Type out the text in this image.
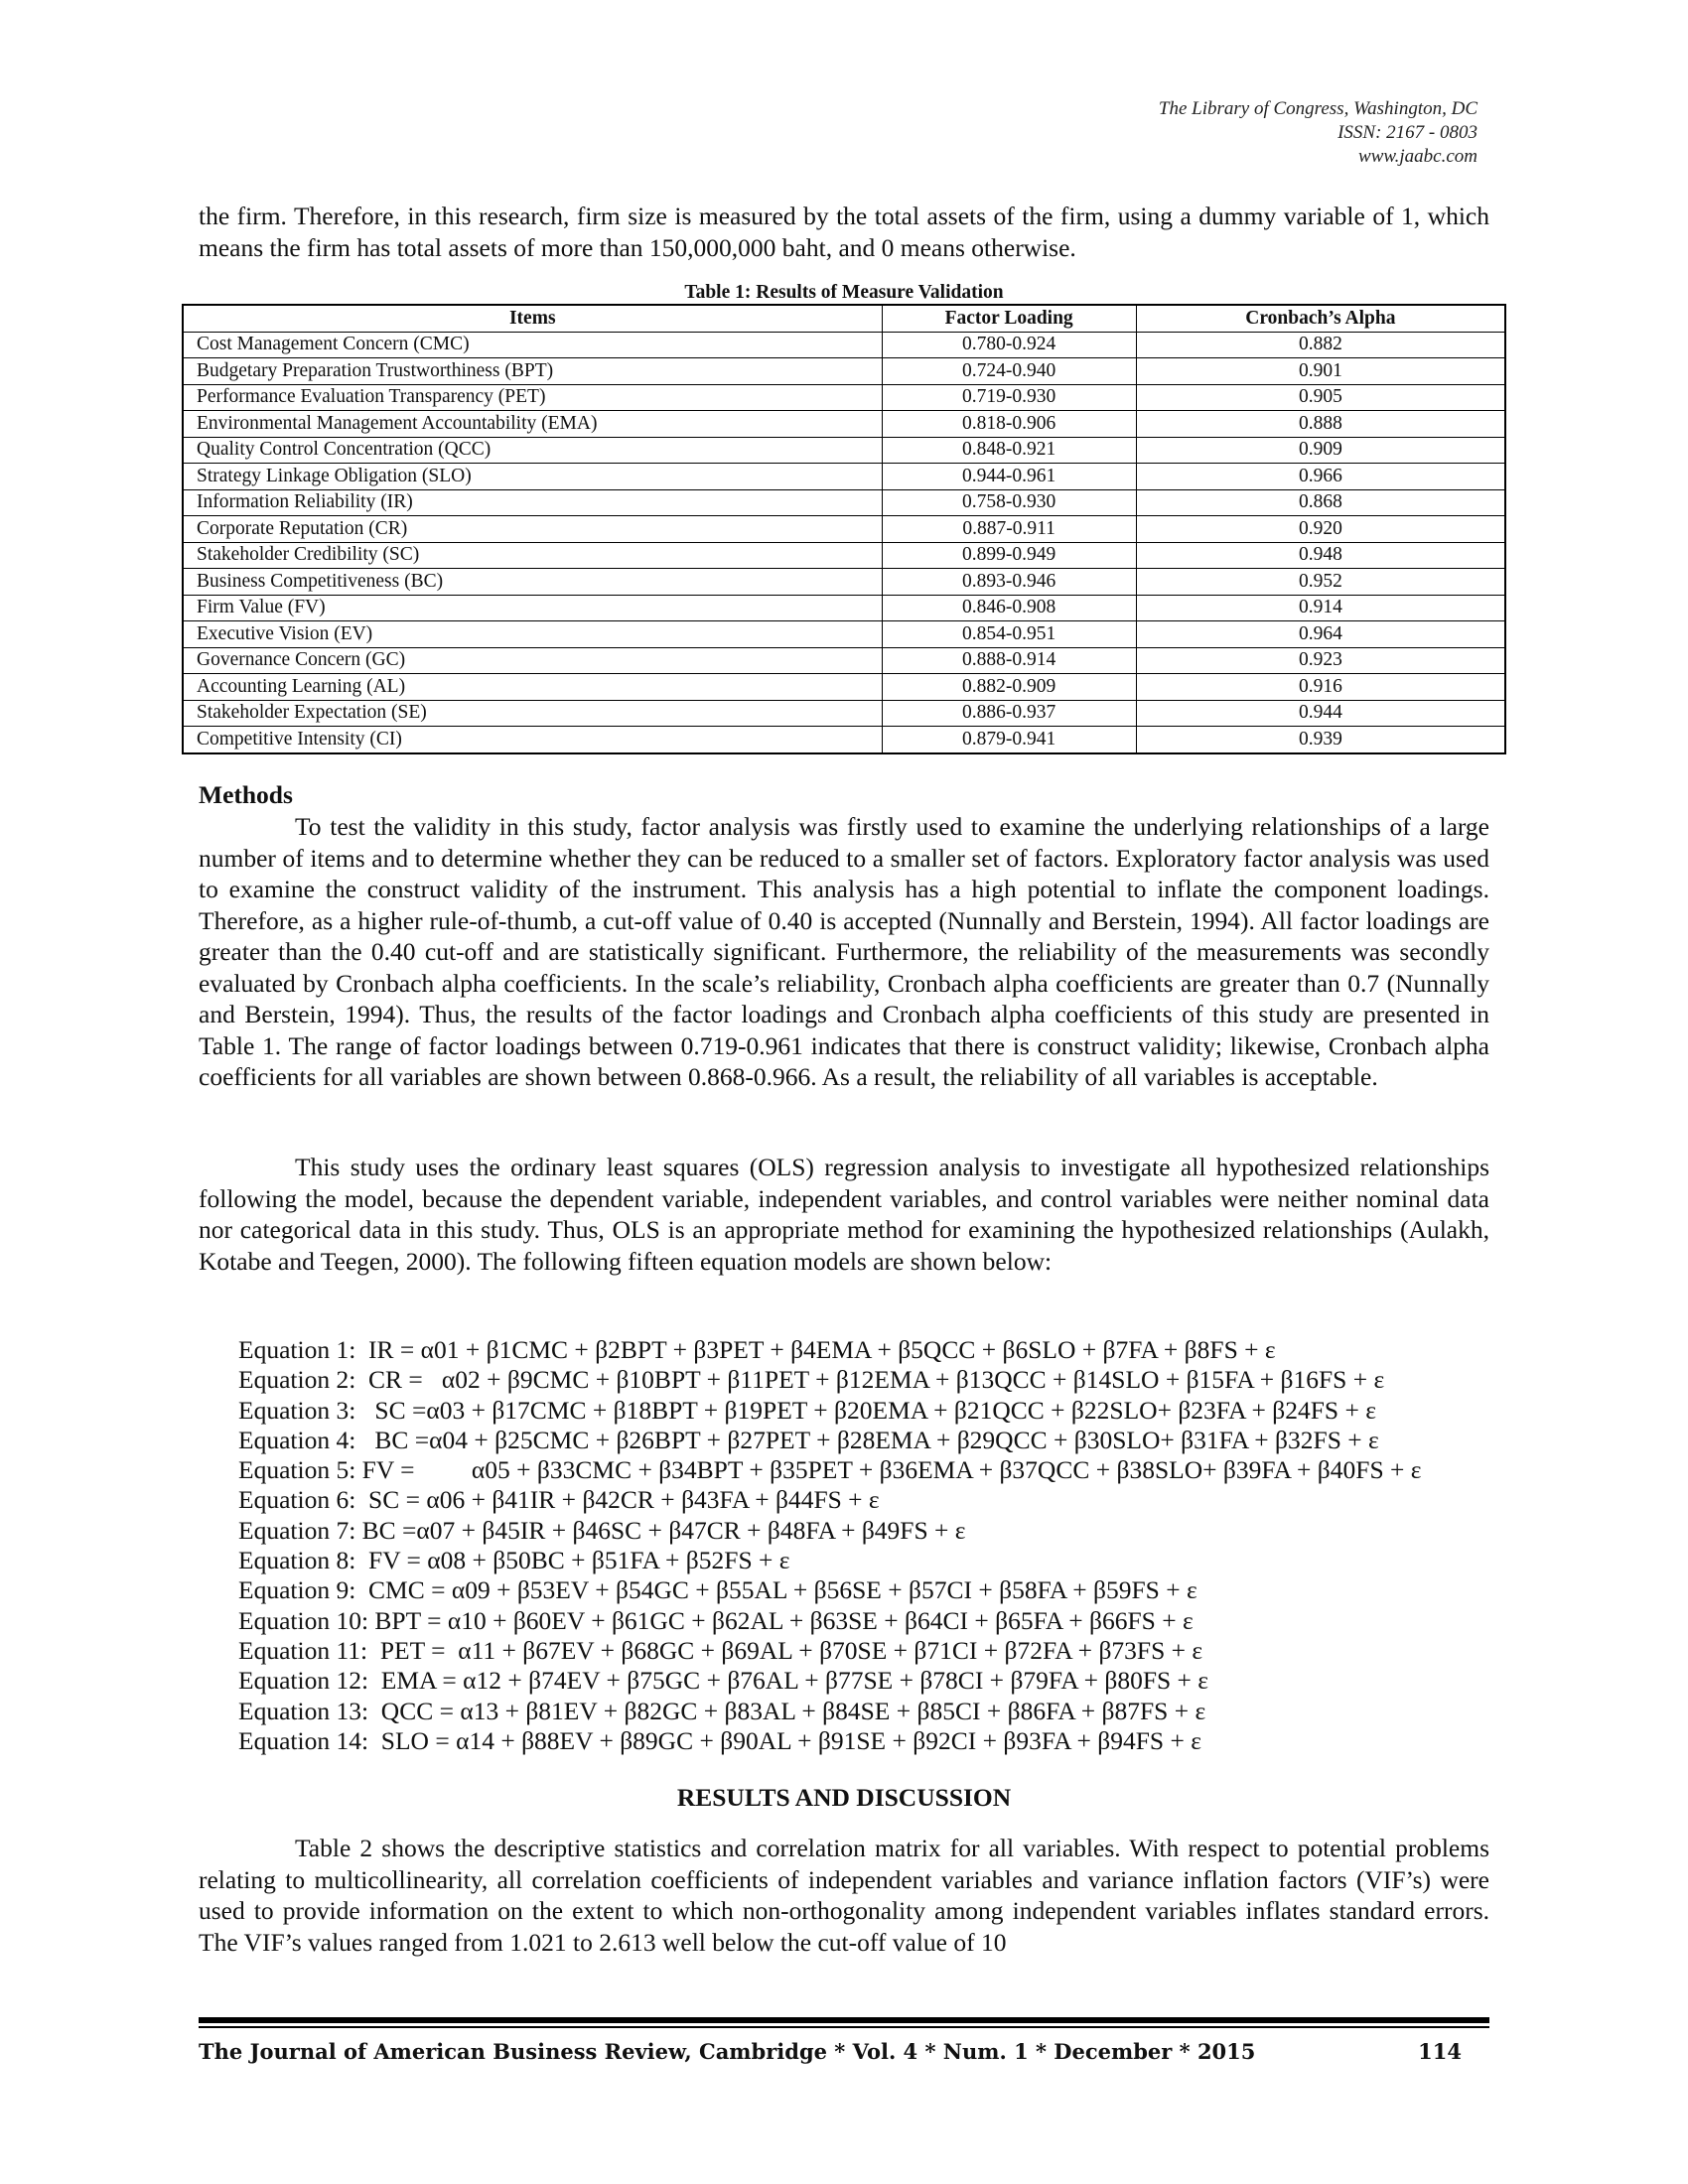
The Library of Congress, Washington, DC
ISSN: 2167 - 0803
www.jaabc.com
the firm. Therefore, in this research, firm size is measured by the total assets of the firm, using a dummy variable of 1, which means the firm has total assets of more than 150,000,000 baht, and 0 means otherwise.
Table 1: Results of Measure Validation
Items	Factor Loading	Cronbach’s Alpha
Cost Management Concern (CMC)	0.780-0.924	0.882
Budgetary Preparation Trustworthiness (BPT)	0.724-0.940	0.901
Performance Evaluation Transparency (PET)	0.719-0.930	0.905
Environmental Management Accountability (EMA)	0.818-0.906	0.888
Quality Control Concentration (QCC)	0.848-0.921	0.909
Strategy Linkage Obligation (SLO)	0.944-0.961	0.966
Information Reliability (IR)	0.758-0.930	0.868
Corporate Reputation (CR)	0.887-0.911	0.920
Stakeholder Credibility (SC)	0.899-0.949	0.948
Business Competitiveness (BC)	0.893-0.946	0.952
Firm Value (FV)	0.846-0.908	0.914
Executive Vision (EV)	0.854-0.951	0.964
Governance Concern (GC)	0.888-0.914	0.923
Accounting Learning (AL)	0.882-0.909	0.916
Stakeholder Expectation (SE)	0.886-0.937	0.944
Competitive Intensity (CI)	0.879-0.941	0.939
Methods
To test the validity in this study, factor analysis was firstly used to examine the underlying relationships of a large number of items and to determine whether they can be reduced to a smaller set of factors. Exploratory factor analysis was used to examine the construct validity of the instrument. This analysis has a high potential to inflate the component loadings. Therefore, as a higher rule-of-thumb, a cut-off value of 0.40 is accepted (Nunnally and Berstein, 1994). All factor loadings are greater than the 0.40 cut-off and are statistically significant. Furthermore, the reliability of the measurements was secondly evaluated by Cronbach alpha coefficients. In the scale’s reliability, Cronbach alpha coefficients are greater than 0.7 (Nunnally and Berstein, 1994). Thus, the results of the factor loadings and Cronbach alpha coefficients of this study are presented in Table 1. The range of factor loadings between 0.719-0.961 indicates that there is construct validity; likewise, Cronbach alpha coefficients for all variables are shown between 0.868-0.966. As a result, the reliability of all variables is acceptable.
This study uses the ordinary least squares (OLS) regression analysis to investigate all hypothesized relationships following the model, because the dependent variable, independent variables, and control variables were neither nominal data nor categorical data in this study. Thus, OLS is an appropriate method for examining the hypothesized relationships (Aulakh, Kotabe and Teegen, 2000). The following fifteen equation models are shown below:
Equation 1:  IR = α01 + β1CMC + β2BPT + β3PET + β4EMA + β5QCC + β6SLO + β7FA + β8FS + ε
Equation 2:  CR =   α02 + β9CMC + β10BPT + β11PET + β12EMA + β13QCC + β14SLO + β15FA + β16FS + ε
Equation 3:   SC =α03 + β17CMC + β18BPT + β19PET + β20EMA + β21QCC + β22SLO+ β23FA + β24FS + ε
Equation 4:   BC =α04 + β25CMC + β26BPT + β27PET + β28EMA + β29QCC + β30SLO+ β31FA + β32FS + ε
Equation 5: FV =         α05 + β33CMC + β34BPT + β35PET + β36EMA + β37QCC + β38SLO+ β39FA + β40FS + ε
Equation 6:  SC = α06 + β41IR + β42CR + β43FA + β44FS + ε
Equation 7: BC =α07 + β45IR + β46SC + β47CR + β48FA + β49FS + ε
Equation 8:  FV = α08 + β50BC + β51FA + β52FS + ε
Equation 9:  CMC = α09 + β53EV + β54GC + β55AL + β56SE + β57CI + β58FA + β59FS + ε
Equation 10: BPT = α10 + β60EV + β61GC + β62AL + β63SE + β64CI + β65FA + β66FS + ε
Equation 11:  PET =  α11 + β67EV + β68GC + β69AL + β70SE + β71CI + β72FA + β73FS + ε
Equation 12:  EMA = α12 + β74EV + β75GC + β76AL + β77SE + β78CI + β79FA + β80FS + ε
Equation 13:  QCC = α13 + β81EV + β82GC + β83AL + β84SE + β85CI + β86FA + β87FS + ε
Equation 14:  SLO = α14 + β88EV + β89GC + β90AL + β91SE + β92CI + β93FA + β94FS + ε
RESULTS AND DISCUSSION
Table 2 shows the descriptive statistics and correlation matrix for all variables. With respect to potential problems relating to multicollinearity, all correlation coefficients of independent variables and variance inflation factors (VIF’s) were used to provide information on the extent to which non-orthogonality among independent variables inflates standard errors. The VIF’s values ranged from 1.021 to 2.613 well below the cut-off value of 10
The Journal of American Business Review, Cambridge * Vol. 4 * Num. 1 * December * 2015	114
